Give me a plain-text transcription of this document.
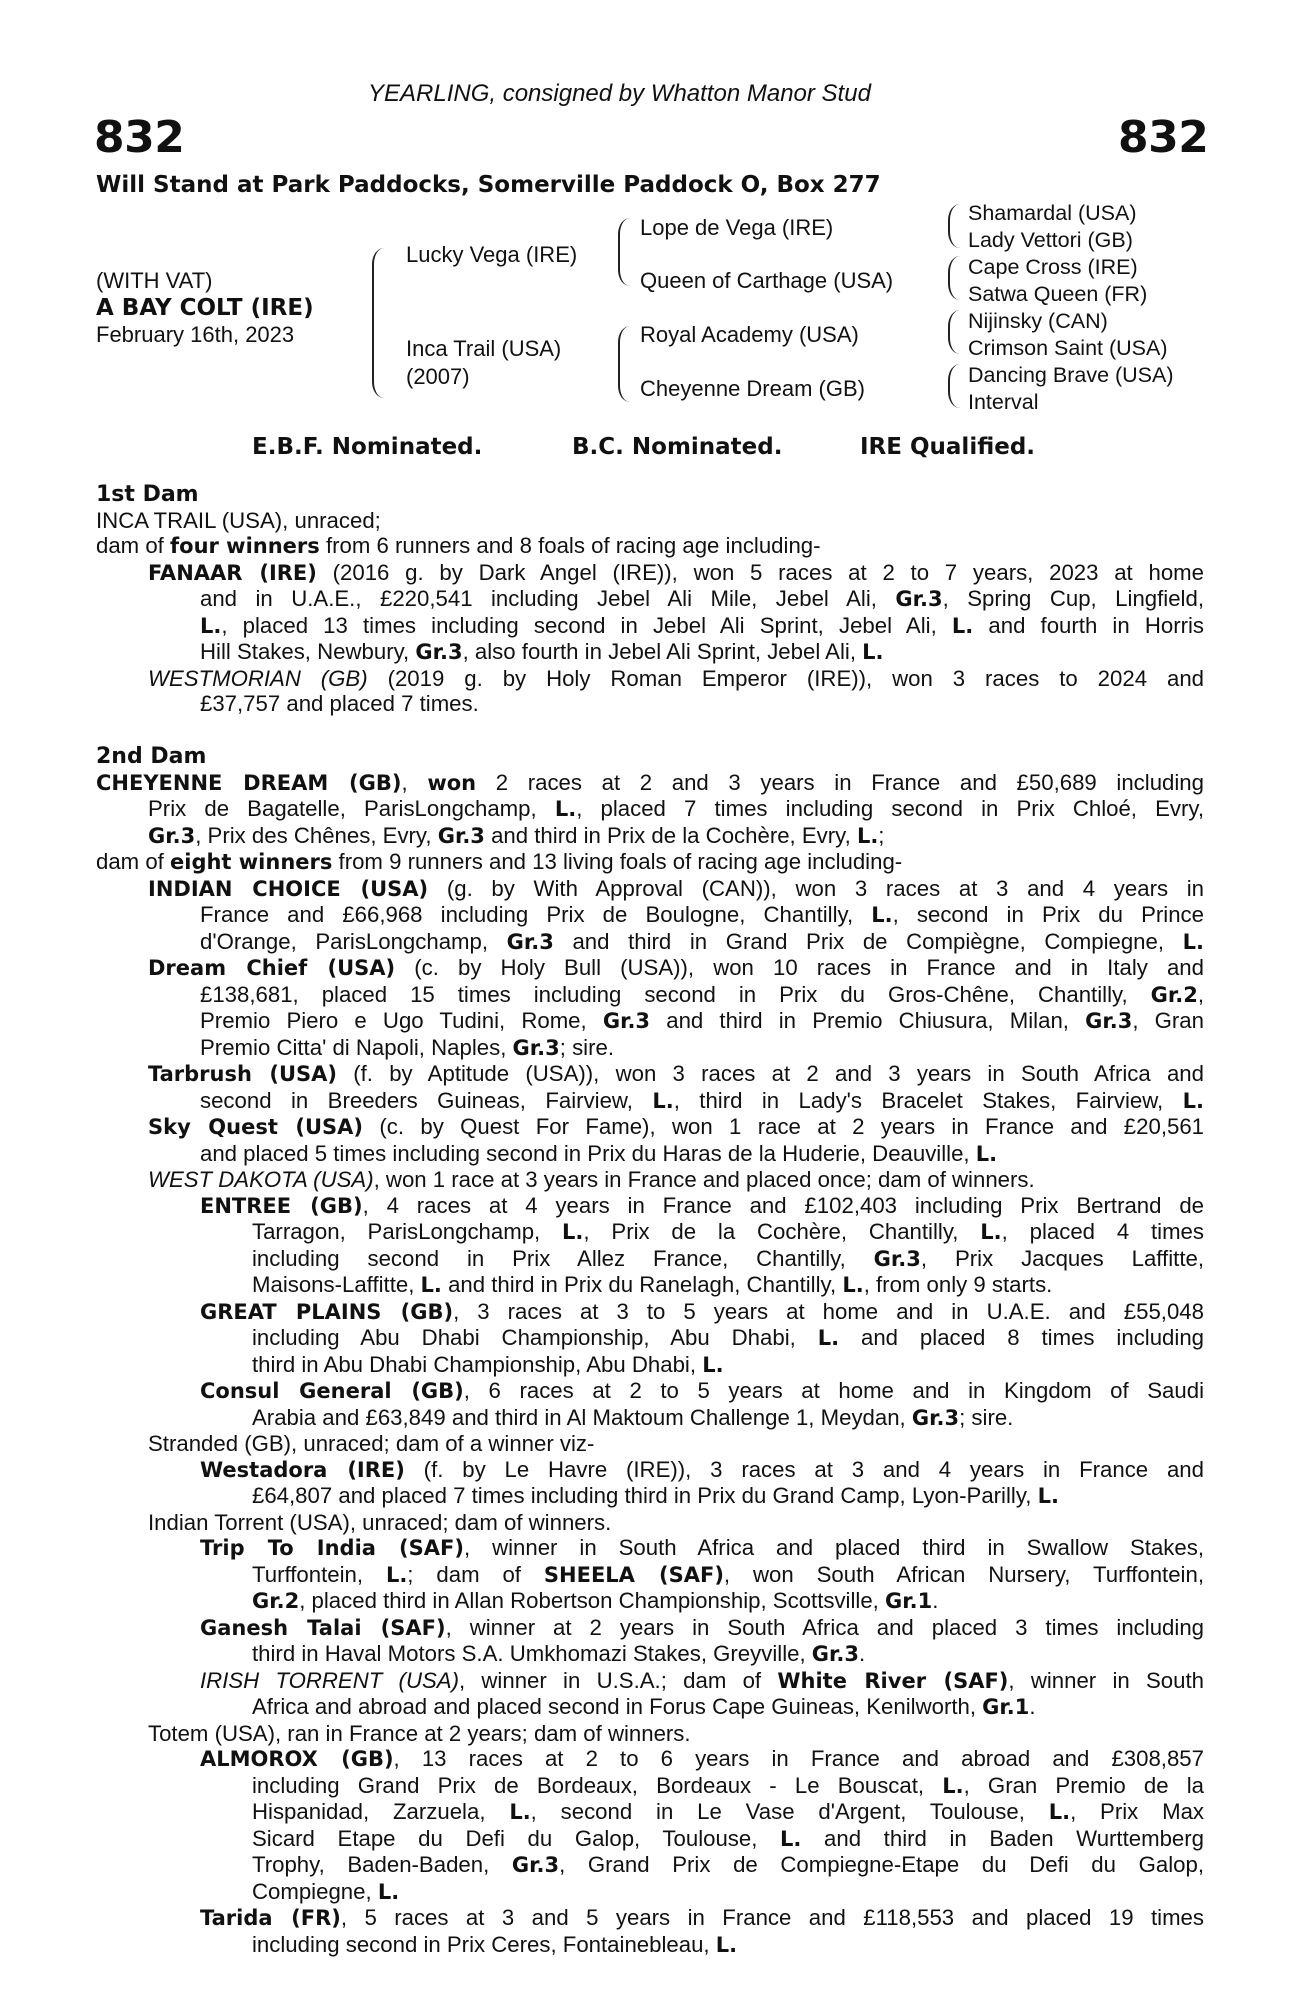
YEARLING, consigned by Whatton Manor Stud
832	832
Will Stand at Park Paddocks, Somerville Paddock O, Box 277
(WITH VAT)
A BAY COLT (IRE)
February 16th, 2023
Lucky Vega (IRE)
Inca Trail (USA)
(2007)
Lope de Vega (IRE)
Queen of Carthage (USA)
Royal Academy (USA)
Cheyenne Dream (GB)
Shamardal (USA)
Lady Vettori (GB)
Cape Cross (IRE)
Satwa Queen (FR)
Nijinsky (CAN)
Crimson Saint (USA)
Dancing Brave (USA)
Interval
E.B.F. Nominated.	B.C. Nominated.	IRE Qualified.
1st Dam
INCA TRAIL (USA), unraced;
dam of four winners from 6 runners and 8 foals of racing age including-
FANAAR (IRE) (2016 g. by Dark Angel (IRE)), won 5 races at 2 to 7 years, 2023 at home
and in U.A.E., £220,541 including Jebel Ali Mile, Jebel Ali, Gr.3, Spring Cup, Lingfield,
L., placed 13 times including second in Jebel Ali Sprint, Jebel Ali, L. and fourth in Horris
Hill Stakes, Newbury, Gr.3, also fourth in Jebel Ali Sprint, Jebel Ali, L.
WESTMORIAN (GB) (2019 g. by Holy Roman Emperor (IRE)), won 3 races to 2024 and
£37,757 and placed 7 times.
2nd Dam
CHEYENNE DREAM (GB), won 2 races at 2 and 3 years in France and £50,689 including
Prix de Bagatelle, ParisLongchamp, L., placed 7 times including second in Prix Chloé, Evry,
Gr.3, Prix des Chênes, Evry, Gr.3 and third in Prix de la Cochère, Evry, L.;
dam of eight winners from 9 runners and 13 living foals of racing age including-
INDIAN CHOICE (USA) (g. by With Approval (CAN)), won 3 races at 3 and 4 years in
France and £66,968 including Prix de Boulogne, Chantilly, L., second in Prix du Prince
d'Orange, ParisLongchamp, Gr.3 and third in Grand Prix de Compiègne, Compiegne, L.
Dream Chief (USA) (c. by Holy Bull (USA)), won 10 races in France and in Italy and
£138,681, placed 15 times including second in Prix du Gros-Chêne, Chantilly, Gr.2,
Premio Piero e Ugo Tudini, Rome, Gr.3 and third in Premio Chiusura, Milan, Gr.3, Gran
Premio Citta' di Napoli, Naples, Gr.3; sire.
Tarbrush (USA) (f. by Aptitude (USA)), won 3 races at 2 and 3 years in South Africa and
second in Breeders Guineas, Fairview, L., third in Lady's Bracelet Stakes, Fairview, L.
Sky Quest (USA) (c. by Quest For Fame), won 1 race at 2 years in France and £20,561
and placed 5 times including second in Prix du Haras de la Huderie, Deauville, L.
WEST DAKOTA (USA), won 1 race at 3 years in France and placed once; dam of winners.
ENTREE (GB), 4 races at 4 years in France and £102,403 including Prix Bertrand de
Tarragon, ParisLongchamp, L., Prix de la Cochère, Chantilly, L., placed 4 times
including second in Prix Allez France, Chantilly, Gr.3, Prix Jacques Laffitte,
Maisons-Laffitte, L. and third in Prix du Ranelagh, Chantilly, L., from only 9 starts.
GREAT PLAINS (GB), 3 races at 3 to 5 years at home and in U.A.E. and £55,048
including Abu Dhabi Championship, Abu Dhabi, L. and placed 8 times including
third in Abu Dhabi Championship, Abu Dhabi, L.
Consul General (GB), 6 races at 2 to 5 years at home and in Kingdom of Saudi
Arabia and £63,849 and third in Al Maktoum Challenge 1, Meydan, Gr.3; sire.
Stranded (GB), unraced; dam of a winner viz-
Westadora (IRE) (f. by Le Havre (IRE)), 3 races at 3 and 4 years in France and
£64,807 and placed 7 times including third in Prix du Grand Camp, Lyon-Parilly, L.
Indian Torrent (USA), unraced; dam of winners.
Trip To India (SAF), winner in South Africa and placed third in Swallow Stakes,
Turffontein, L.; dam of SHEELA (SAF), won South African Nursery, Turffontein,
Gr.2, placed third in Allan Robertson Championship, Scottsville, Gr.1.
Ganesh Talai (SAF), winner at 2 years in South Africa and placed 3 times including
third in Haval Motors S.A. Umkhomazi Stakes, Greyville, Gr.3.
IRISH TORRENT (USA), winner in U.S.A.; dam of White River (SAF), winner in South
Africa and abroad and placed second in Forus Cape Guineas, Kenilworth, Gr.1.
Totem (USA), ran in France at 2 years; dam of winners.
ALMOROX (GB), 13 races at 2 to 6 years in France and abroad and £308,857
including Grand Prix de Bordeaux, Bordeaux - Le Bouscat, L., Gran Premio de la
Hispanidad, Zarzuela, L., second in Le Vase d'Argent, Toulouse, L., Prix Max
Sicard Etape du Defi du Galop, Toulouse, L. and third in Baden Wurttemberg
Trophy, Baden-Baden, Gr.3, Grand Prix de Compiegne-Etape du Defi du Galop,
Compiegne, L.
Tarida (FR), 5 races at 3 and 5 years in France and £118,553 and placed 19 times
including second in Prix Ceres, Fontainebleau, L.
